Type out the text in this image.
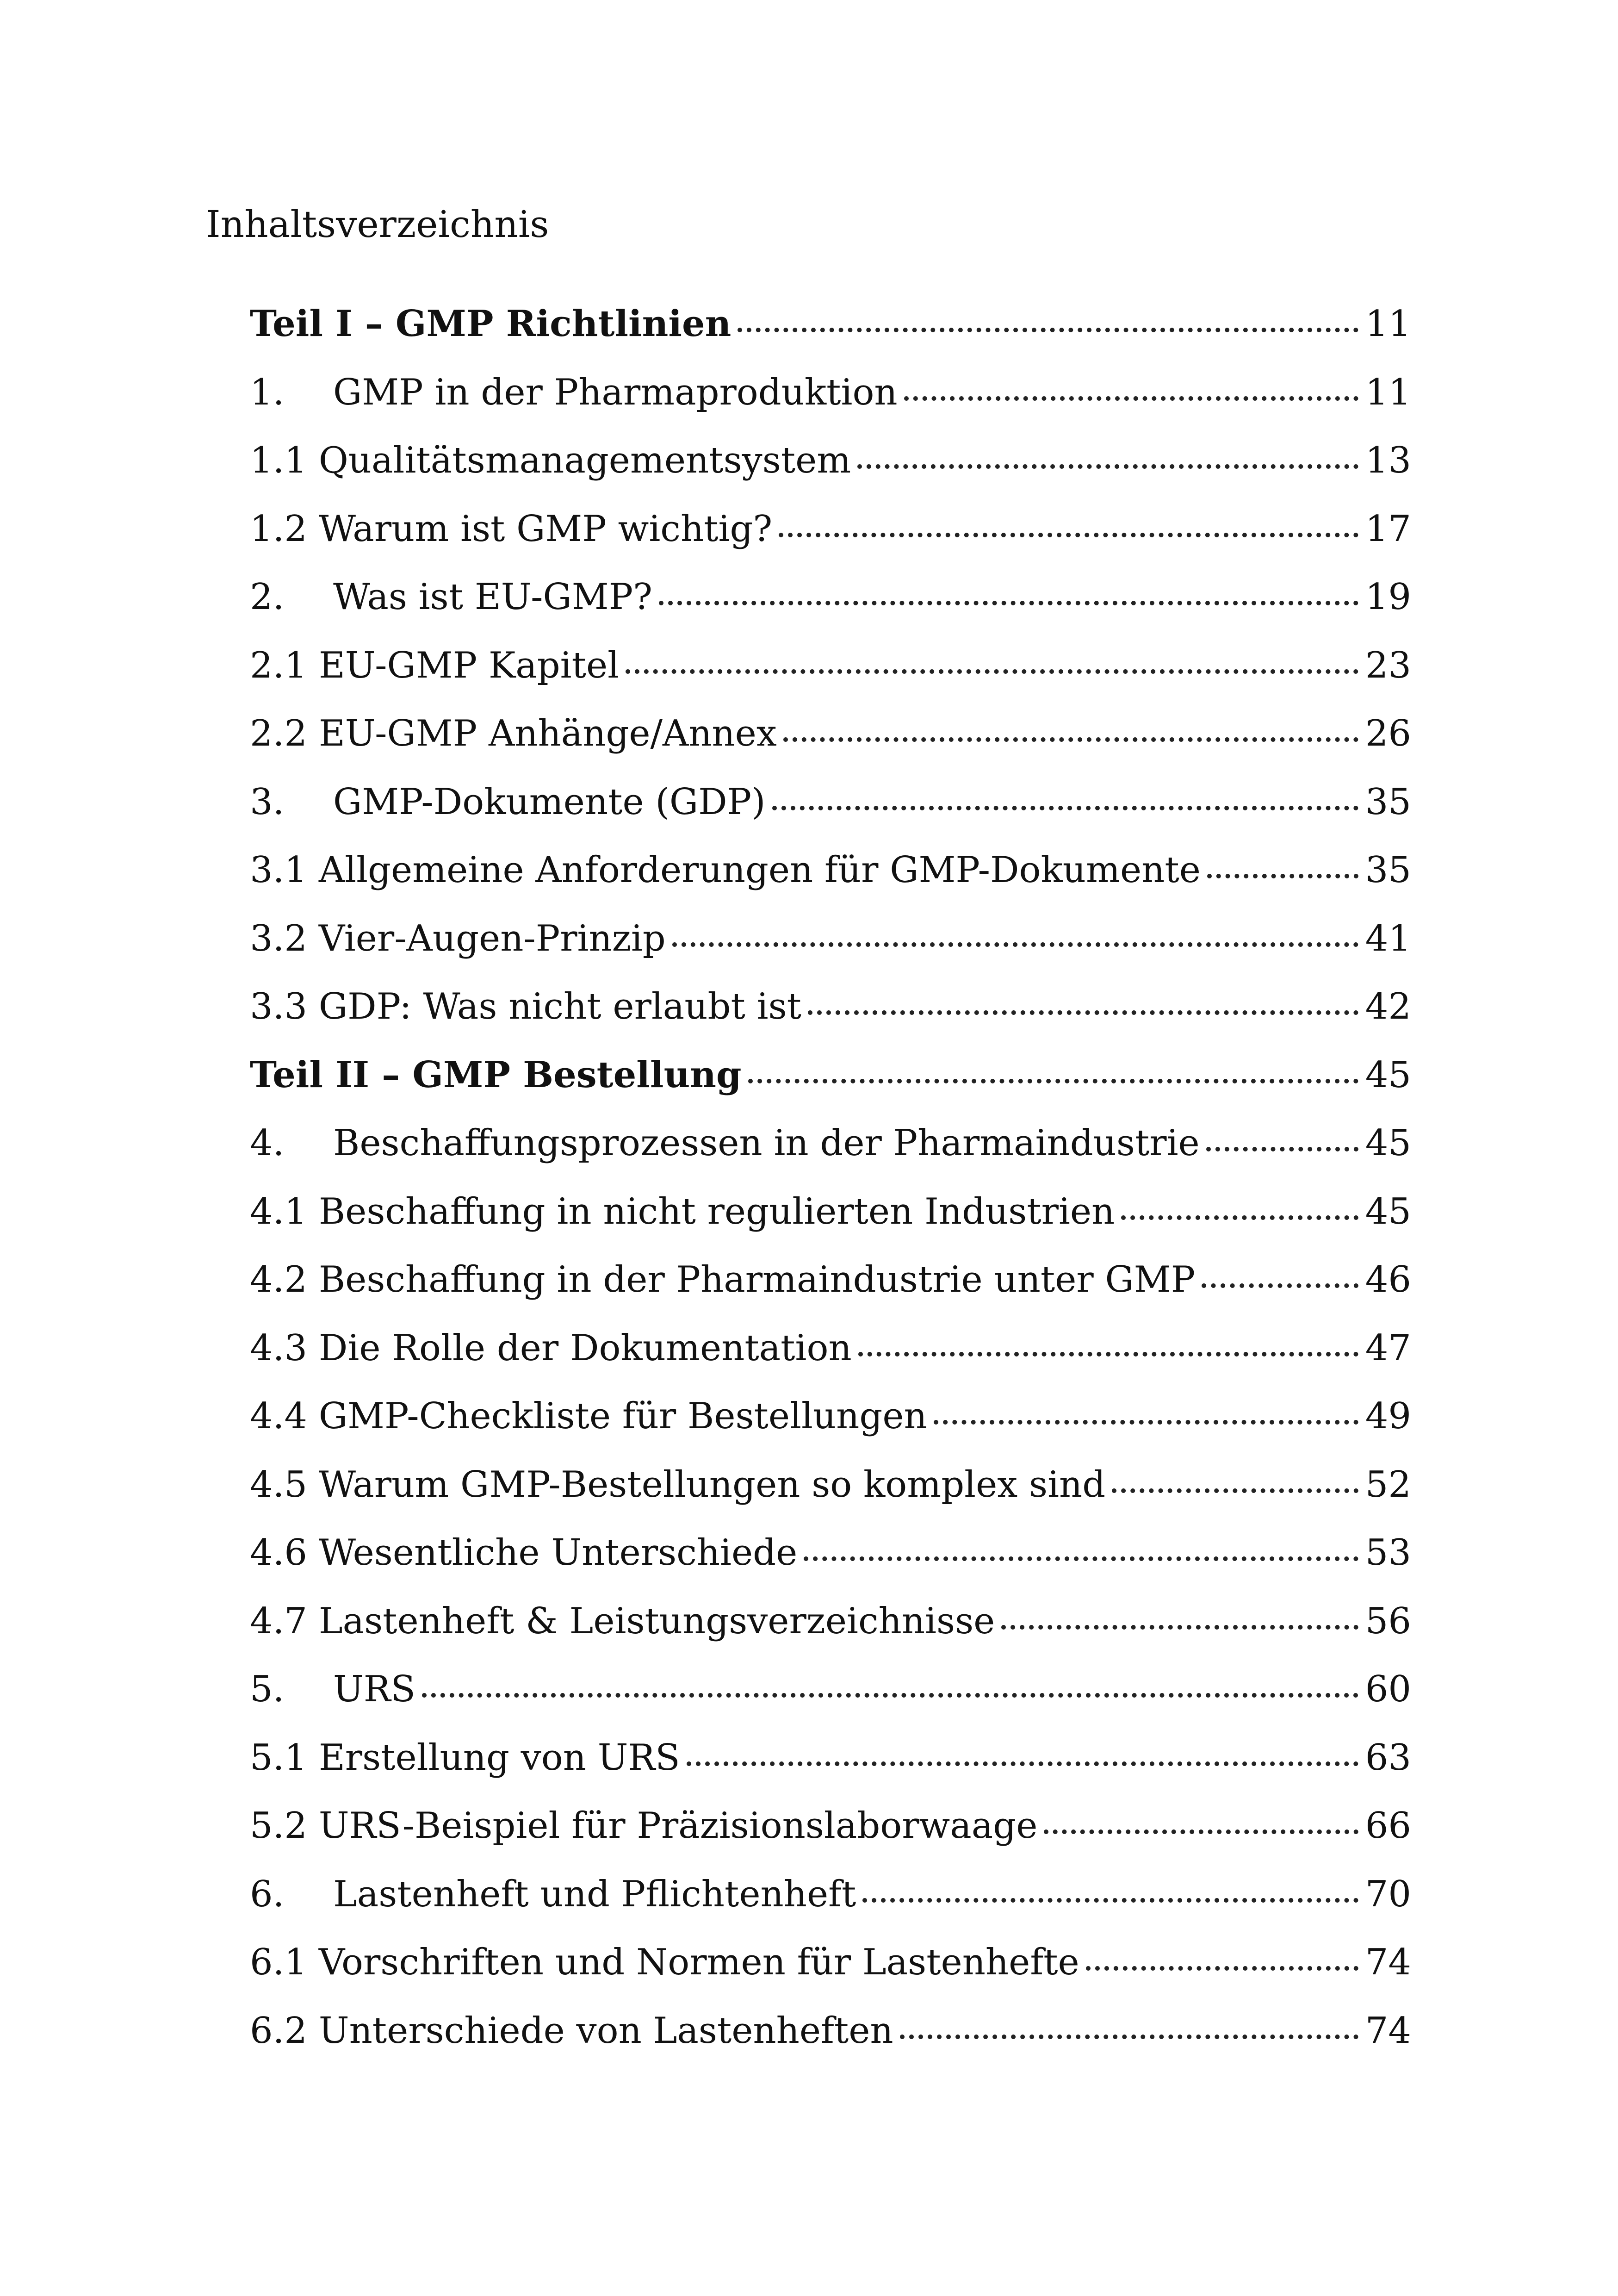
Inhaltsverzeichnis
Teil I – GMP Richtlinien	11
1.	GMP in der Pharmaproduktion	11
1.1 Qualitätsmanagementsystem	13
1.2 Warum ist GMP wichtig?	17
2.	Was ist EU-GMP?	19
2.1 EU-GMP Kapitel	23
2.2 EU-GMP Anhänge/Annex	26
3.	GMP-Dokumente (GDP)	35
3.1 Allgemeine Anforderungen für GMP-Dokumente	35
3.2 Vier-Augen-Prinzip	41
3.3 GDP: Was nicht erlaubt ist	42
Teil II – GMP Bestellung	45
4.	Beschaffungsprozessen in der Pharmaindustrie	45
4.1 Beschaffung in nicht regulierten Industrien	45
4.2 Beschaffung in der Pharmaindustrie unter GMP	46
4.3 Die Rolle der Dokumentation	47
4.4 GMP-Checkliste für Bestellungen	49
4.5 Warum GMP-Bestellungen so komplex sind	52
4.6 Wesentliche Unterschiede	53
4.7 Lastenheft & Leistungsverzeichnisse	56
5.	URS	60
5.1 Erstellung von URS	63
5.2 URS-Beispiel für Präzisionslaborwaage	66
6.	Lastenheft und Pflichtenheft	70
6.1 Vorschriften und Normen für Lastenhefte	74
6.2 Unterschiede von Lastenheften	74
